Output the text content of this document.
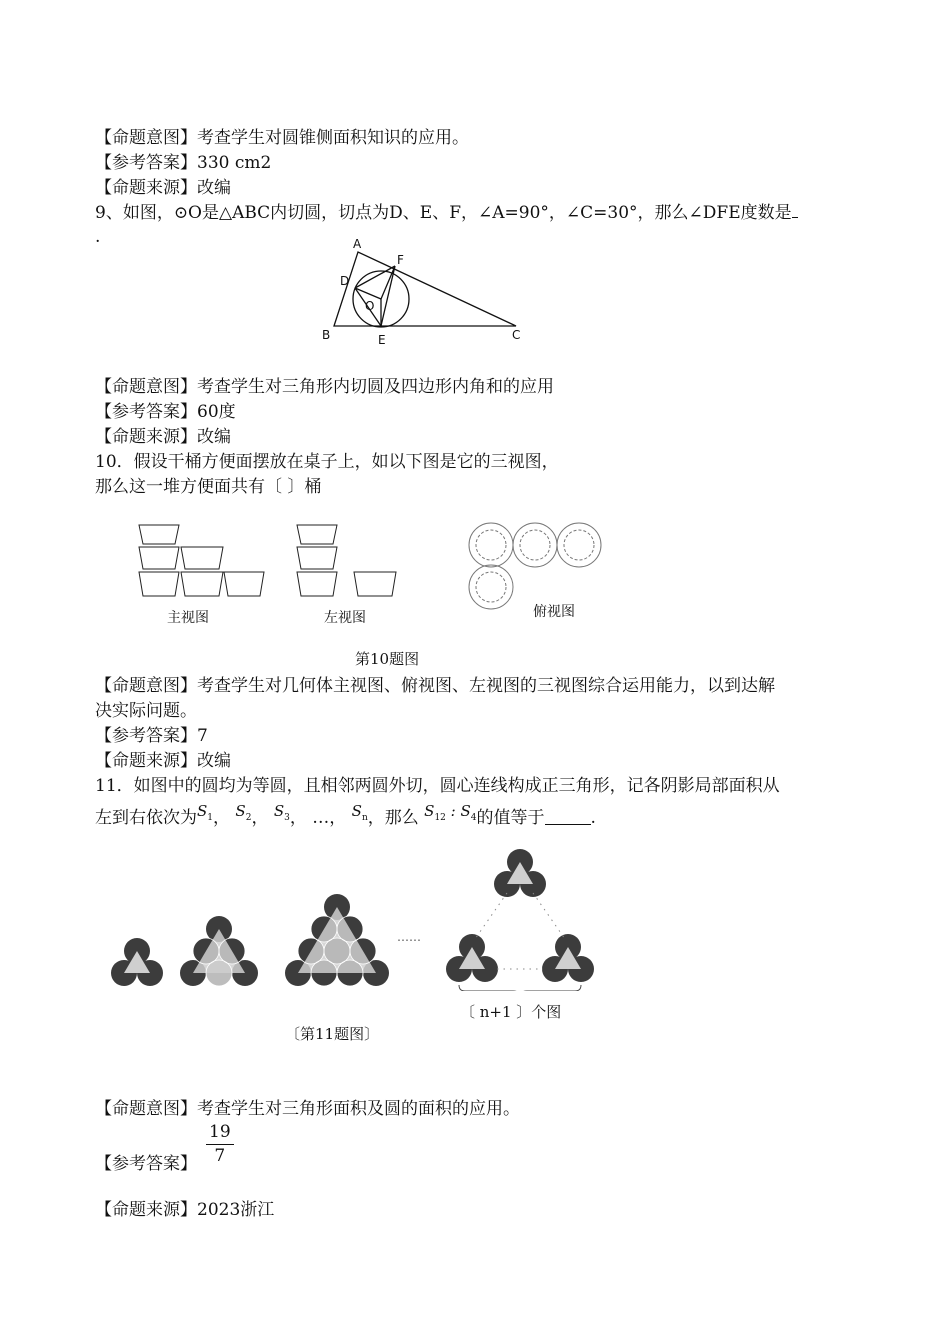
【命题意图】考查学生对圆锥侧面积知识的应用。
【参考答案】330 cm2
【命题来源】改编
9、如图，⊙O是△ABC内切圆，切点为D、E、F，∠A=90°，∠C=30°，那么∠DFE度数是
.	A
B	C
D
E
F
O
【命题意图】考查学生对三角形内切圆及四边形内角和的应用
【参考答案】60度
【命题来源】改编
10．假设干桶方便面摆放在桌子上，如以下图是它的三视图，
那么这一堆方便面共有〔 〕桶
主视图	左视图	俯视图
第10题图
【命题意图】考查学生对几何体主视图、俯视图、左视图的三视图综合运用能力，以到达解
决实际问题。
【参考答案】7
【命题来源】改编
11．如图中的圆均为等圆，且相邻两圆外切，圆心连线构成正三角形，记各阴影局部面积从
左到右依次为$S_1$， $S_2$， $S_3$， …， $S_n$，那么 $S_{12}$ : $S_4$的值等于	.
……
〔 n+1 〕个图
〔第11题图〕
【命题意图】考查学生对三角形面积及圆的面积的应用。
【参考答案】 $\frac{19}{7}$
【命题来源】2023浙江
